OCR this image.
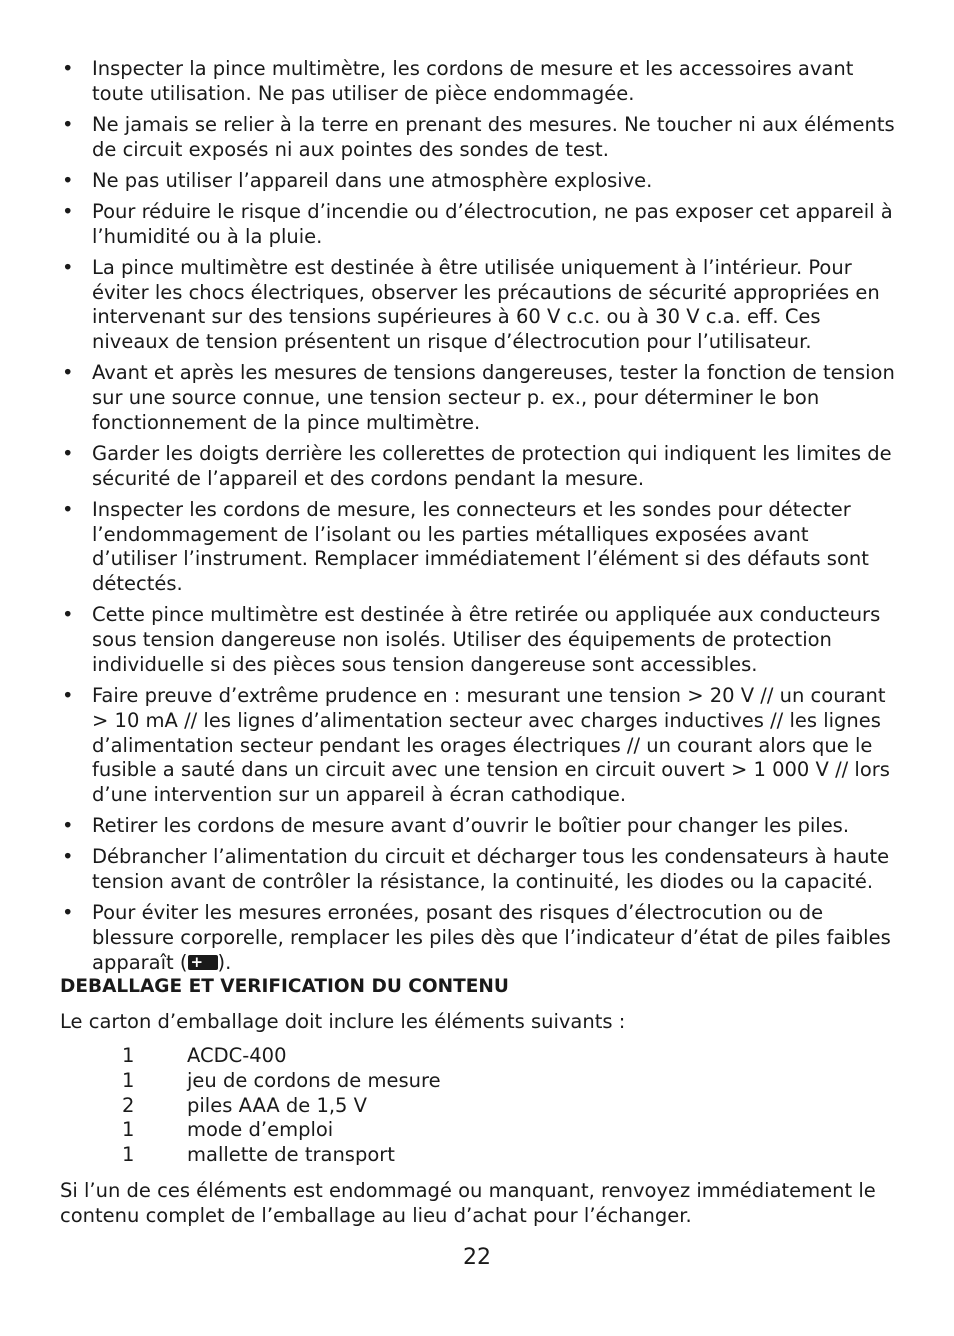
• Inspecter la pince multimètre, les cordons de mesure et les accessoires avant toute utilisation. Ne pas utiliser de pièce endommagée.
• Ne jamais se relier à la terre en prenant des mesures. Ne toucher ni aux éléments de circuit exposés ni aux pointes des sondes de test.
• Ne pas utiliser l’appareil dans une atmosphère explosive.
• Pour réduire le risque d’incendie ou d’électrocution, ne pas exposer cet appareil à l’humidité ou à la pluie.
• La pince multimètre est destinée à être utilisée uniquement à l’intérieur. Pour éviter les chocs électriques, observer les précautions de sécurité appropriées en intervenant sur des tensions supérieures à 60 V c.c. ou à 30 V c.a. eff. Ces niveaux de tension présentent un risque d’électrocution pour l’utilisateur.
• Avant et après les mesures de tensions dangereuses, tester la fonction de tension sur une source connue, une tension secteur p. ex., pour déterminer le bon fonctionnement de la pince multimètre.
• Garder les doigts derrière les collerettes de protection qui indiquent les limites de sécurité de l’appareil et des cordons pendant la mesure.
• Inspecter les cordons de mesure, les connecteurs et les sondes pour détecter l’endommagement de l’isolant ou les parties métalliques exposées avant d’utiliser l’instrument. Remplacer immédiatement l’élément si des défauts sont détectés.
• Cette pince multimètre est destinée à être retirée ou appliquée aux conducteurs sous tension dangereuse non isolés. Utiliser des équipements de protection individuelle si des pièces sous tension dangereuse sont accessibles.
• Faire preuve d’extrême prudence en : mesurant une tension > 20 V // un courant > 10 mA // les lignes d’alimentation secteur avec charges inductives // les lignes d’alimentation secteur pendant les orages électriques // un courant alors que le fusible a sauté dans un circuit avec une tension en circuit ouvert > 1 000 V // lors d’une intervention sur un appareil à écran cathodique.
• Retirer les cordons de mesure avant d’ouvrir le boîtier pour changer les piles.
• Débrancher l’alimentation du circuit et décharger tous les condensateurs à haute tension avant de contrôler la résistance, la continuité, les diodes ou la capacité.
• Pour éviter les mesures erronées, posant des risques d’électrocution ou de blessure corporelle, remplacer les piles dès que l’indicateur d’état de piles faibles apparaît ( + ).
DEBALLAGE ET VERIFICATION DU CONTENU

Le carton d’emballage doit inclure les éléments suivants :

1	ACDC-400
1	jeu de cordons de mesure
2	piles AAA de 1,5 V
1	mode d’emploi
1	mallette de transport

Si l’un de ces éléments est endommagé ou manquant, renvoyez immédiatement le contenu complet de l’emballage au lieu d’achat pour l’échanger.

22
